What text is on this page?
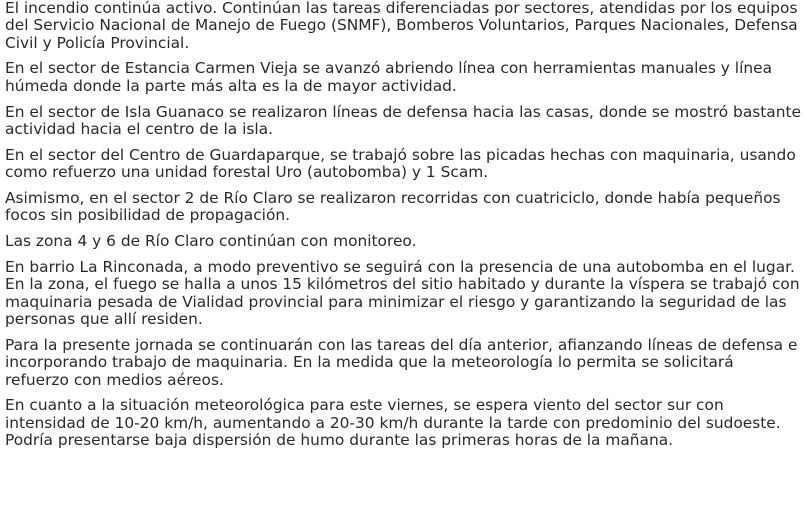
El incendio continúa activo. Continúan las tareas diferenciadas por sectores, atendidas por los equipos del Servicio Nacional de Manejo de Fuego (SNMF), Bomberos Voluntarios, Parques Nacionales, Defensa Civil y Policía Provincial.

En el sector de Estancia Carmen Vieja se avanzó abriendo línea con herramientas manuales y línea húmeda donde la parte más alta es la de mayor actividad.

En el sector de Isla Guanaco se realizaron líneas de defensa hacia las casas, donde se mostró bastante actividad hacia el centro de la isla.

En el sector del Centro de Guardaparque, se trabajó sobre las picadas hechas con maquinaria, usando como refuerzo una unidad forestal Uro (autobomba) y 1 Scam.

Asimismo, en el sector 2 de Río Claro se realizaron recorridas con cuatriciclo, donde había pequeños focos sin posibilidad de propagación.

Las zona 4 y 6 de Río Claro continúan con monitoreo.

En barrio La Rinconada, a modo preventivo se seguirá con la presencia de una autobomba en el lugar. En la zona, el fuego se halla a unos 15 kilómetros del sitio habitado y durante la víspera se trabajó con maquinaria pesada de Vialidad provincial para minimizar el riesgo y garantizando la seguridad de las personas que allí residen.

Para la presente jornada se continuarán con las tareas del día anterior, afianzando líneas de defensa e incorporando trabajo de maquinaria. En la medida que la meteorología lo permita se solicitará refuerzo con medios aéreos.

En cuanto a la situación meteorológica para este viernes, se espera viento del sector sur con intensidad de 10-20 km/h, aumentando a 20-30 km/h durante la tarde con predominio del sudoeste. Podría presentarse baja dispersión de humo durante las primeras horas de la mañana.
